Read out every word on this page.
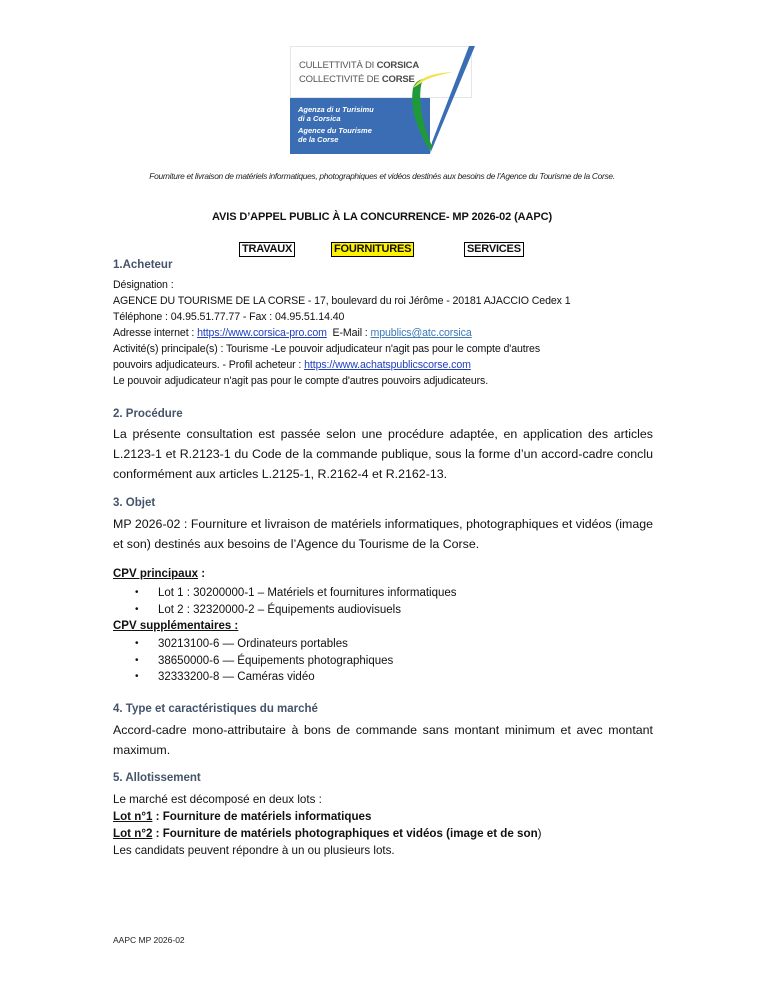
CULLETTIVITÀ DI CORSICA
COLLECTIVITÉ DE CORSE
Agenza di u Turisimu
di a Corsica
Agence du Tourisme
de la Corse
Fourniture et livraison de matériels informatiques, photographiques et vidéos destinés aux besoins de l'Agence du Tourisme de la Corse.
AVIS D’APPEL PUBLIC À LA CONCURRENCE- MP 2026-02 (AAPC)
TRAVAUX	FOURNITURES	SERVICES
1.Acheteur
Désignation :
AGENCE DU TOURISME DE LA CORSE - 17, boulevard du roi Jérôme - 20181 AJACCIO Cedex 1
Téléphone : 04.95.51.77.77 - Fax : 04.95.51.14.40
Adresse internet : https://www.corsica-pro.com  E-Mail : mpublics@atc.corsica
Activité(s) principale(s) : Tourisme -Le pouvoir adjudicateur n'agit pas pour le compte d'autres
pouvoirs adjudicateurs. - Profil acheteur : https://www.achatspublicscorse.com
Le pouvoir adjudicateur n'agit pas pour le compte d'autres pouvoirs adjudicateurs.
2. Procédure
La présente consultation est passée selon une procédure adaptée, en application des articles L.2123-1 et R.2123-1 du Code de la commande publique, sous la forme d’un accord-cadre conclu conformément aux articles L.2125-1, R.2162-4 et R.2162-13.
3. Objet
MP 2026-02 : Fourniture et livraison de matériels informatiques, photographiques et vidéos (image et son) destinés aux besoins de l’Agence du Tourisme de la Corse.
CPV principaux :
• Lot 1 : 30200000-1 – Matériels et fournitures informatiques
• Lot 2 : 32320000-2 – Équipements audiovisuels
CPV supplémentaires :
• 30213100-6 — Ordinateurs portables
• 38650000-6 — Équipements photographiques
• 32333200-8 — Caméras vidéo
4. Type et caractéristiques du marché
Accord-cadre mono-attributaire à bons de commande sans montant minimum et avec montant maximum.
5. Allotissement
Le marché est décomposé en deux lots :
Lot n°1 : Fourniture de matériels informatiques
Lot n°2 : Fourniture de matériels photographiques et vidéos (image et de son)
Les candidats peuvent répondre à un ou plusieurs lots.
AAPC MP 2026-02
